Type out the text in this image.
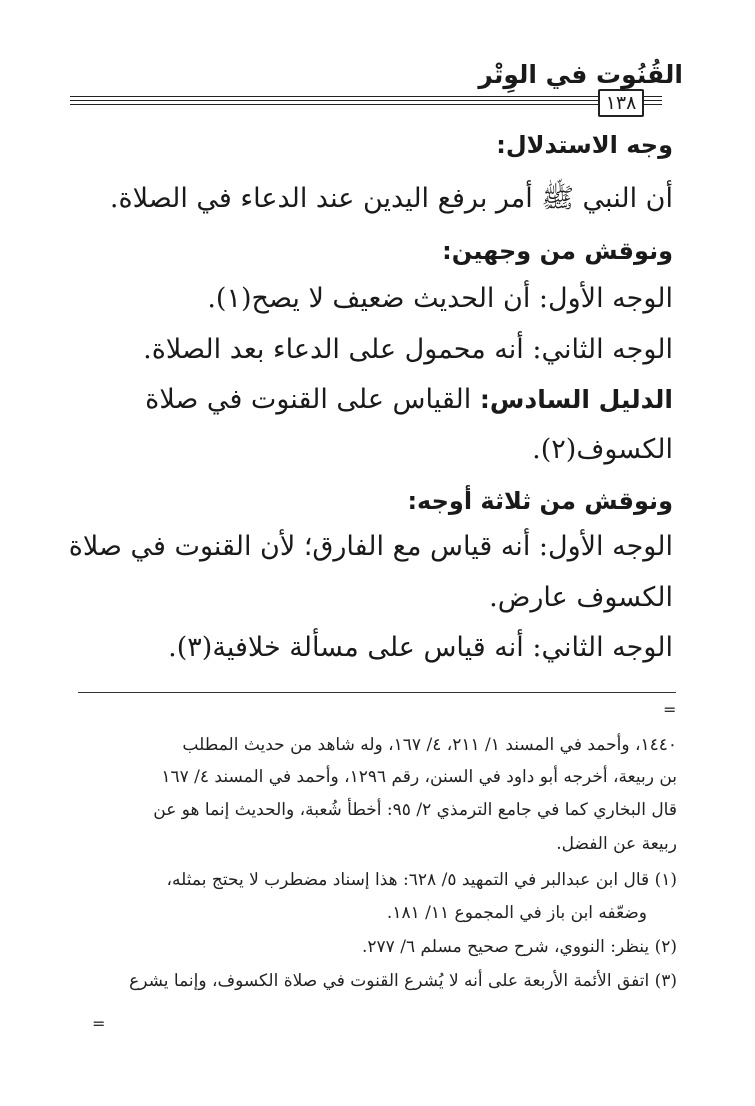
القُنُوت في الوِتْر
١٣٨
وجه الاستدلال:
أن النبي ﷺ أمر برفع اليدين عند الدعاء في الصلاة.
ونوقش من وجهين:
الوجه الأول: أن الحديث ضعيف لا يصح(١).
الوجه الثاني: أنه محمول على الدعاء بعد الصلاة.
الدليل السادس: القياس على القنوت في صلاة
الكسوف(٢).
ونوقش من ثلاثة أوجه:
الوجه الأول: أنه قياس مع الفارق؛ لأن القنوت في صلاة
الكسوف عارض.
الوجه الثاني: أنه قياس على مسألة خلافية(٣).
=
١٤٤٠، وأحمد في المسند ١/ ٢١١، ٤/ ١٦٧، وله شاهد من حديث المطلب
بن ربيعة، أخرجه أبو داود في السنن، رقم ١٢٩٦، وأحمد في المسند ٤/ ١٦٧
قال البخاري كما في جامع الترمذي ٢/ ٩٥: أخطأ شُعبة، والحديث إنما هو عن
ربيعة عن الفضل.
(١) قال ابن عبدالبر في التمهيد ٥/ ٦٢٨: هذا إسناد مضطرب لا يحتج بمثله،
وضعّفه ابن باز في المجموع ١١/ ١٨١.
(٢) ينظر: النووي، شرح صحيح مسلم ٦/ ٢٧٧.
(٣) اتفق الأئمة الأربعة على أنه لا يُشرع القنوت في صلاة الكسوف، وإنما يشرع
=
